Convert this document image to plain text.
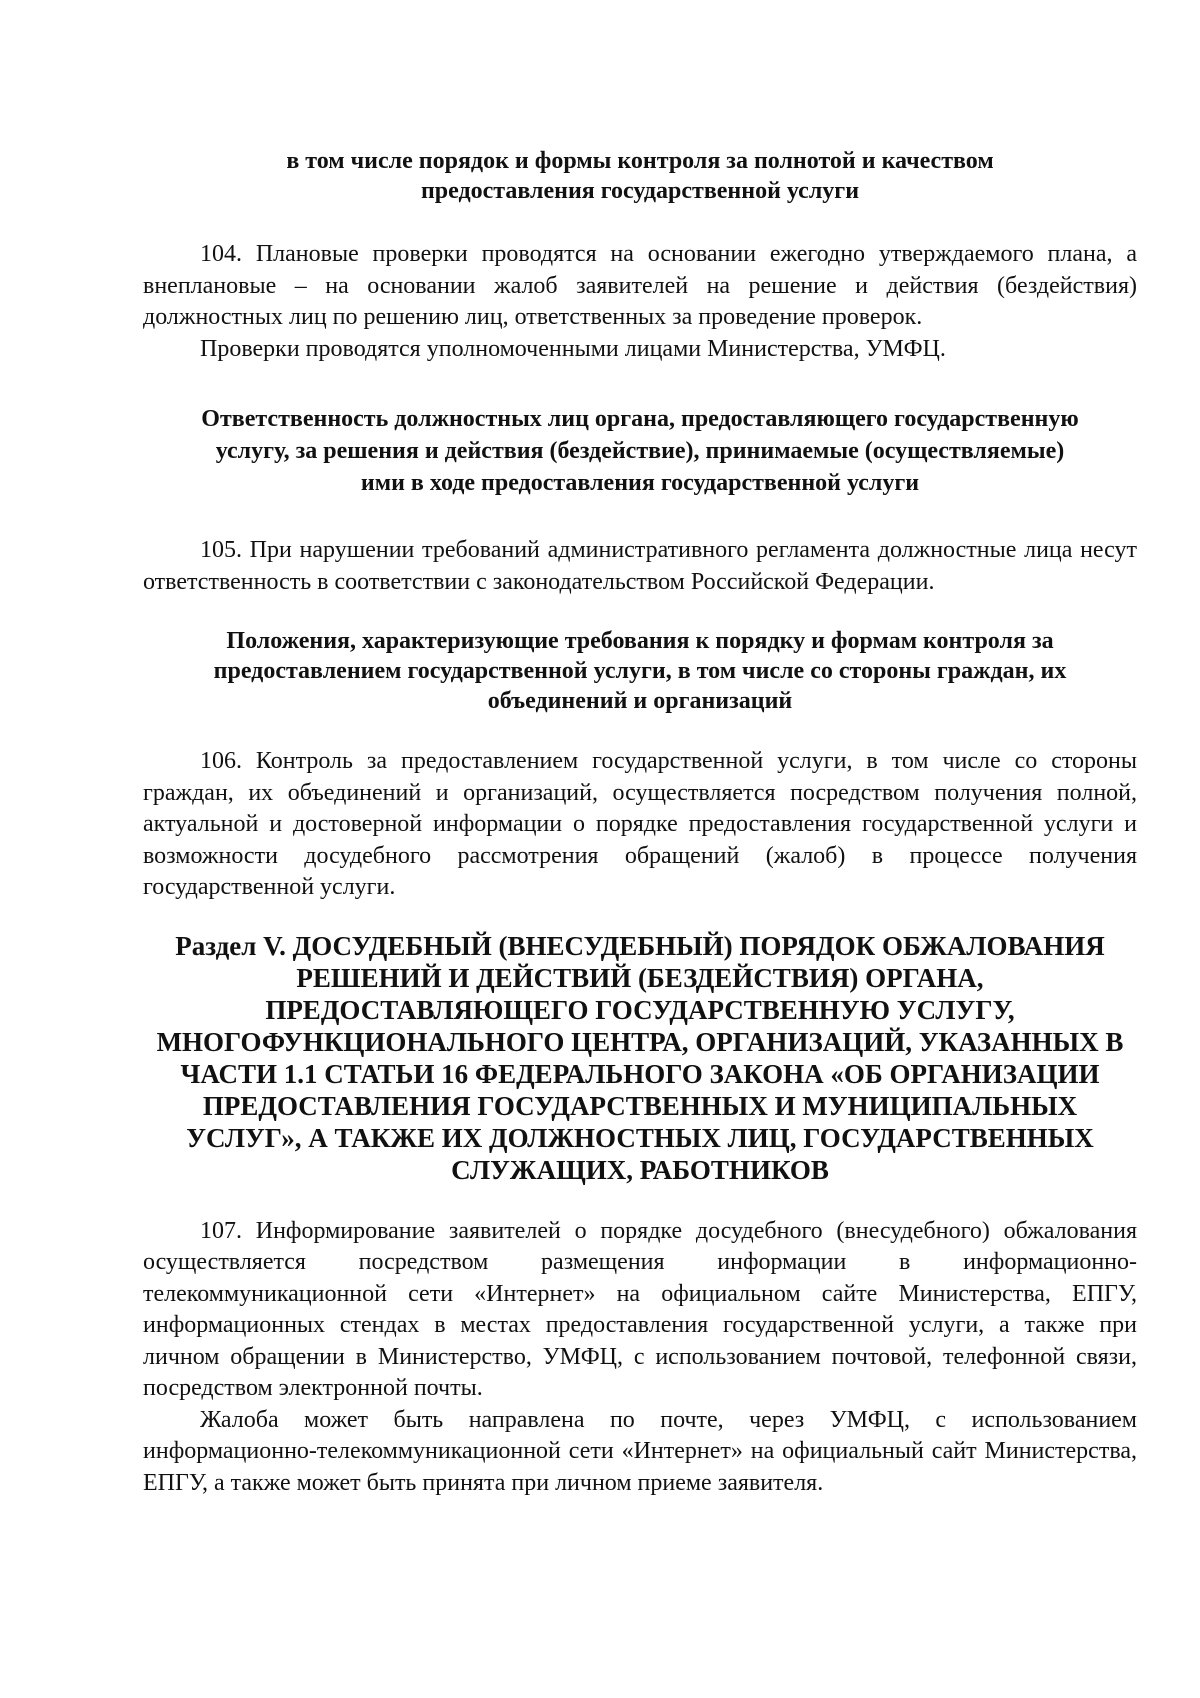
в том числе порядок и формы контроля за полнотой и качеством предоставления государственной услуги

104. Плановые проверки проводятся на основании ежегодно утверждаемого плана, а внеплановые – на основании жалоб заявителей на решение и действия (бездействия) должностных лиц по решению лиц, ответственных за проведение проверок.

Проверки проводятся уполномоченными лицами Министерства, УМФЦ.

Ответственность должностных лиц органа, предоставляющего государственную услугу, за решения и действия (бездействие), принимаемые (осуществляемые) ими в ходе предоставления государственной услуги

105. При нарушении требований административного регламента должностные лица несут ответственность в соответствии с законодательством Российской Федерации.

Положения, характеризующие требования к порядку и формам контроля за предоставлением государственной услуги, в том числе со стороны граждан, их объединений и организаций

106. Контроль за предоставлением государственной услуги, в том числе со стороны граждан, их объединений и организаций, осуществляется посредством получения полной, актуальной и достоверной информации о порядке предоставления государственной услуги и возможности досудебного рассмотрения обращений (жалоб) в процессе получения государственной услуги.

Раздел V. ДОСУДЕБНЫЙ (ВНЕСУДЕБНЫЙ) ПОРЯДОК ОБЖАЛОВАНИЯ РЕШЕНИЙ И ДЕЙСТВИЙ (БЕЗДЕЙСТВИЯ) ОРГАНА, ПРЕДОСТАВЛЯЮЩЕГО ГОСУДАРСТВЕННУЮ УСЛУГУ, МНОГОФУНКЦИОНАЛЬНОГО ЦЕНТРА, ОРГАНИЗАЦИЙ, УКАЗАННЫХ В ЧАСТИ 1.1 СТАТЬИ 16 ФЕДЕРАЛЬНОГО ЗАКОНА «ОБ ОРГАНИЗАЦИИ ПРЕДОСТАВЛЕНИЯ ГОСУДАРСТВЕННЫХ И МУНИЦИПАЛЬНЫХ УСЛУГ», А ТАКЖЕ ИХ ДОЛЖНОСТНЫХ ЛИЦ, ГОСУДАРСТВЕННЫХ СЛУЖАЩИХ, РАБОТНИКОВ

107. Информирование заявителей о порядке досудебного (внесудебного) обжалования осуществляется посредством размещения информации в информационно-телекоммуникационной сети «Интернет» на официальном сайте Министерства, ЕПГУ, информационных стендах в местах предоставления государственной услуги, а также при личном обращении в Министерство, УМФЦ, с использованием почтовой, телефонной связи, посредством электронной почты.

Жалоба может быть направлена по почте, через УМФЦ, с использованием информационно-телекоммуникационной сети «Интернет» на официальный сайт Министерства, ЕПГУ, а также может быть принята при личном приеме заявителя.
